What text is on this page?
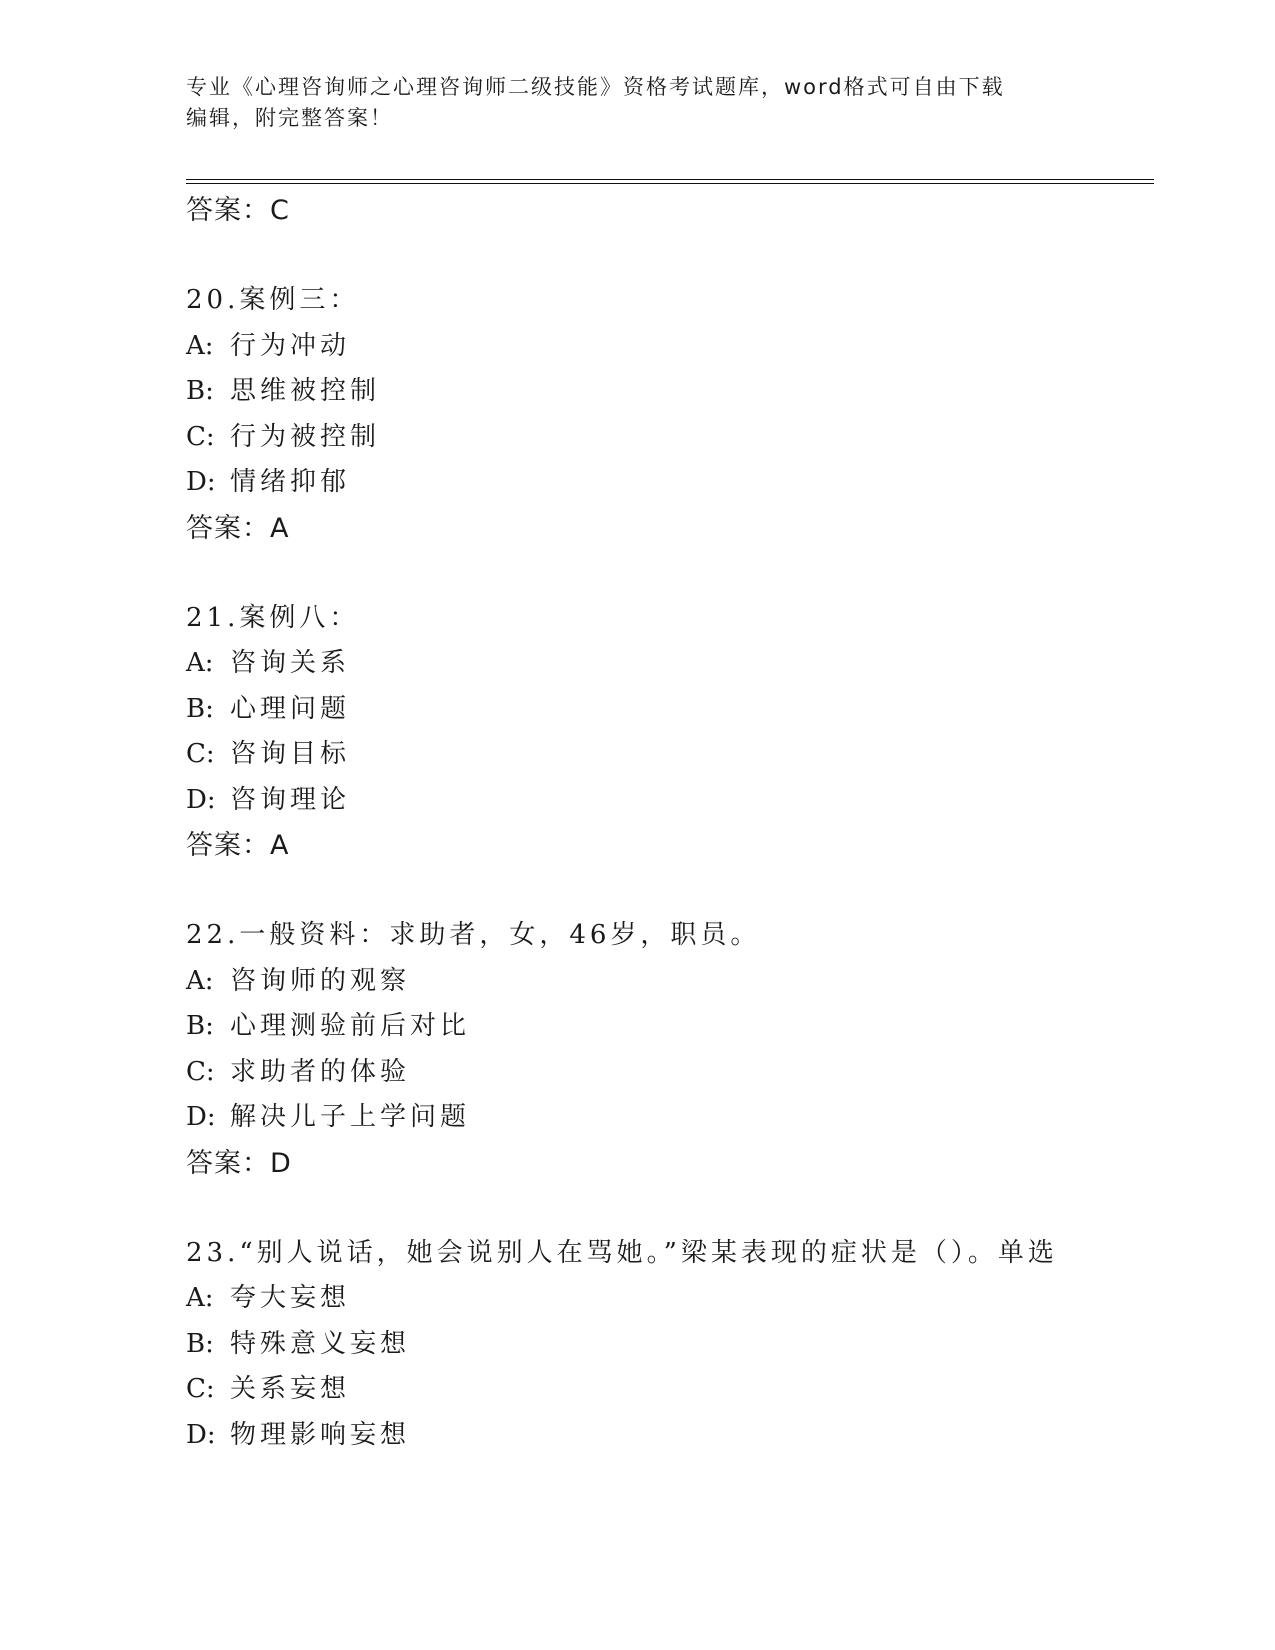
专业《心理咨询师之心理咨询师二级技能》资格考试题库，word格式可自由下载
编辑，附完整答案！
答案：C
20.案例三：
A: 行为冲动
B: 思维被控制
C: 行为被控制
D: 情绪抑郁
答案：A
21.案例八：
A: 咨询关系
B: 心理问题
C: 咨询目标
D: 咨询理论
答案：A
22.一般资料：求助者，女，46岁，职员。
A: 咨询师的观察
B: 心理测验前后对比
C: 求助者的体验
D: 解决儿子上学问题
答案：D
23.“别人说话，她会说别人在骂她。”梁某表现的症状是（）。单选
A: 夸大妄想
B: 特殊意义妄想
C: 关系妄想
D: 物理影响妄想
